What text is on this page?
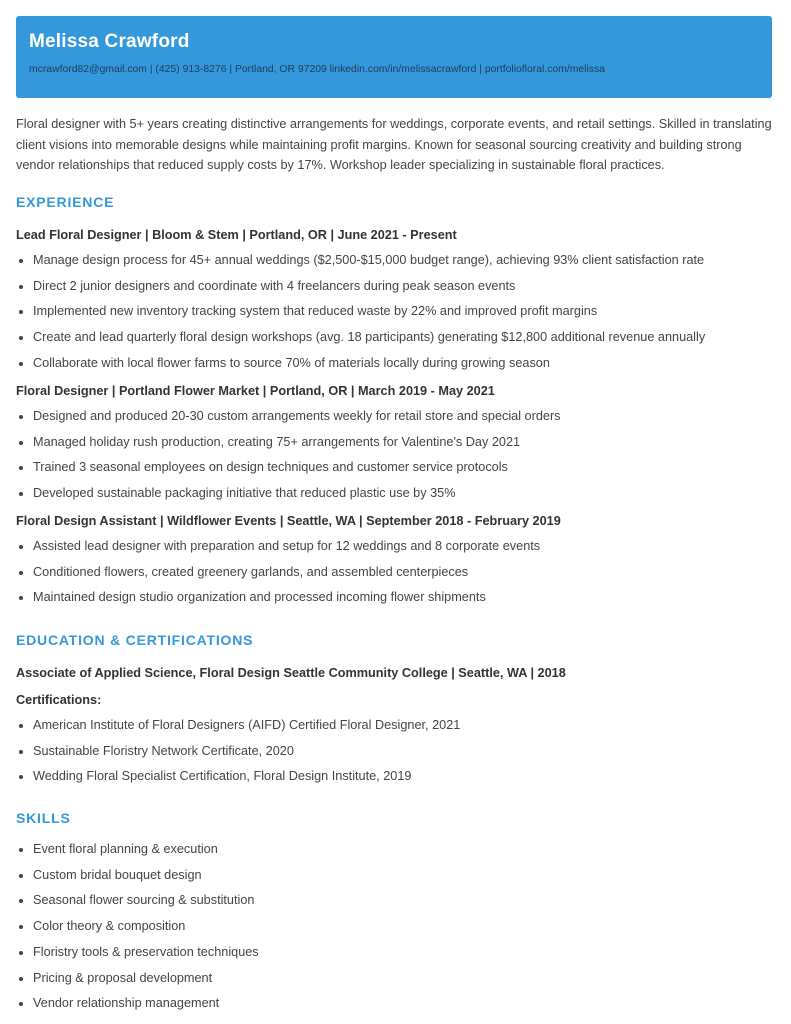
Melissa Crawford
mcrawford82@gmail.com | (425) 913-8276 | Portland, OR 97209 linkedin.com/in/melissacrawford | portfoliofloral.com/melissa

Floral designer with 5+ years creating distinctive arrangements for weddings, corporate events, and retail settings. Skilled in translating client visions into memorable designs while maintaining profit margins. Known for seasonal sourcing creativity and building strong vendor relationships that reduced supply costs by 17%. Workshop leader specializing in sustainable floral practices.

EXPERIENCE
Lead Floral Designer | Bloom & Stem | Portland, OR | June 2021 - Present
Manage design process for 45+ annual weddings ($2,500-$15,000 budget range), achieving 93% client satisfaction rate
Direct 2 junior designers and coordinate with 4 freelancers during peak season events
Implemented new inventory tracking system that reduced waste by 22% and improved profit margins
Create and lead quarterly floral design workshops (avg. 18 participants) generating $12,800 additional revenue annually
Collaborate with local flower farms to source 70% of materials locally during growing season
Floral Designer | Portland Flower Market | Portland, OR | March 2019 - May 2021
Designed and produced 20-30 custom arrangements weekly for retail store and special orders
Managed holiday rush production, creating 75+ arrangements for Valentine's Day 2021
Trained 3 seasonal employees on design techniques and customer service protocols
Developed sustainable packaging initiative that reduced plastic use by 35%
Floral Design Assistant | Wildflower Events | Seattle, WA | September 2018 - February 2019
Assisted lead designer with preparation and setup for 12 weddings and 8 corporate events
Conditioned flowers, created greenery garlands, and assembled centerpieces
Maintained design studio organization and processed incoming flower shipments
EDUCATION & CERTIFICATIONS
Associate of Applied Science, Floral Design Seattle Community College | Seattle, WA | 2018
Certifications:
American Institute of Floral Designers (AIFD) Certified Floral Designer, 2021
Sustainable Floristry Network Certificate, 2020
Wedding Floral Specialist Certification, Floral Design Institute, 2019
SKILLS
Event floral planning & execution
Custom bridal bouquet design
Seasonal flower sourcing & substitution
Color theory & composition
Floristry tools & preservation techniques
Pricing & proposal development
Vendor relationship management
